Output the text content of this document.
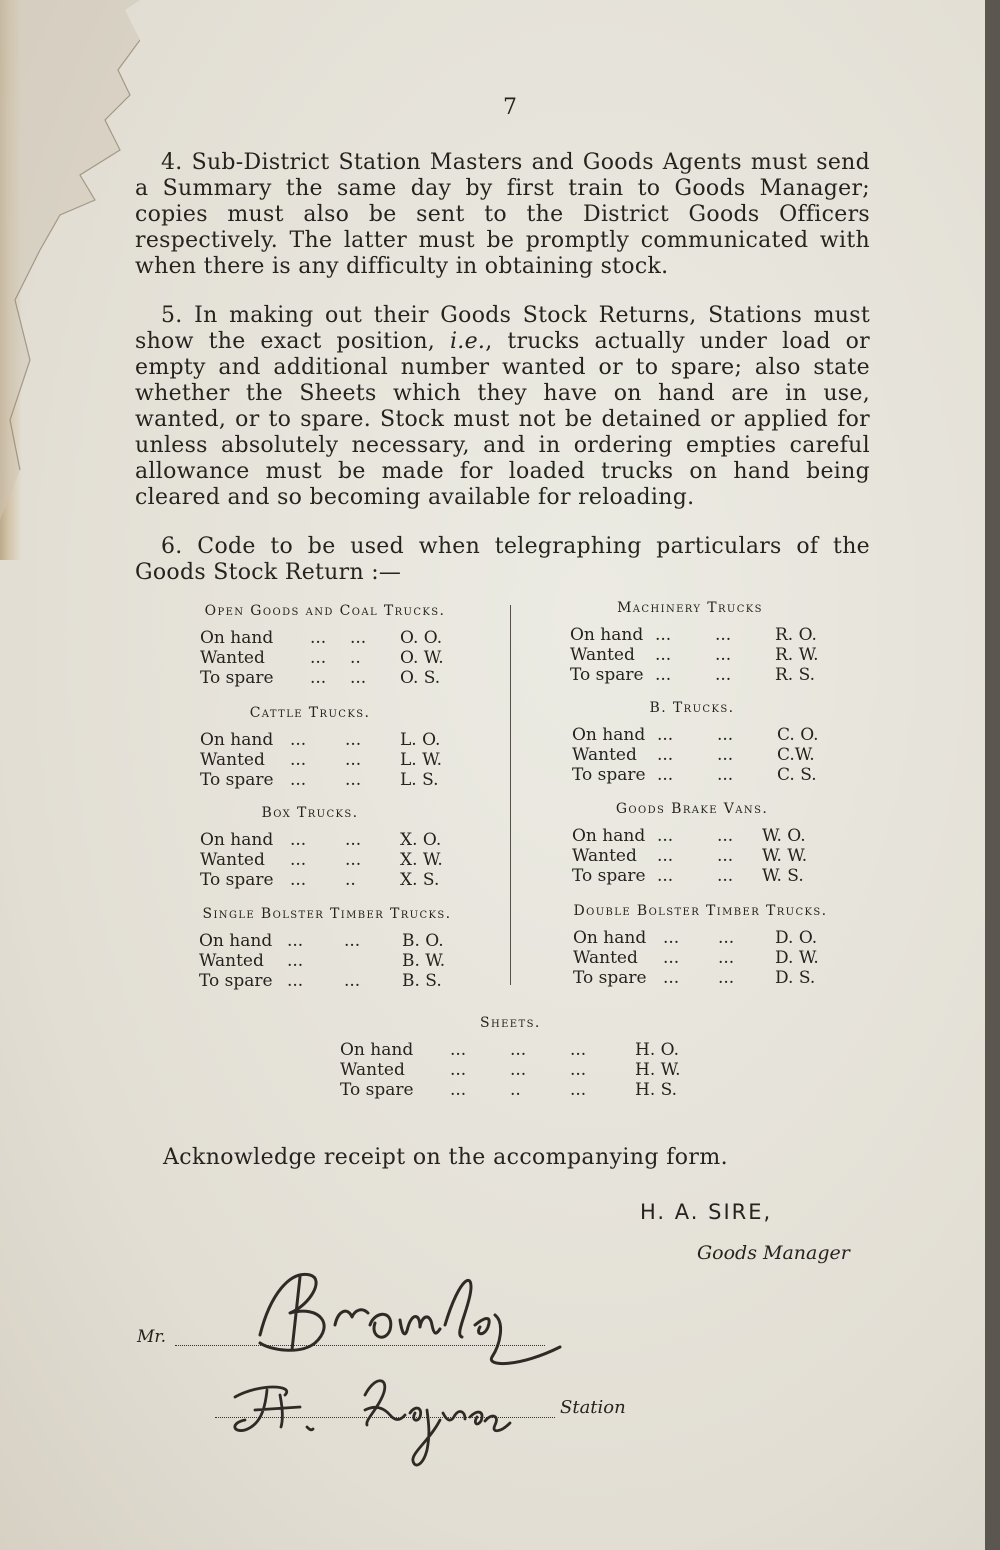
7
4. Sub-District Station Masters and Goods Agents must send a Summary the same day by first train to Goods Manager; copies must also be sent to the District Goods Officers respectively. The latter must be promptly communicated with when there is any difficulty in obtaining stock.
5. In making out their Goods Stock Returns, Stations must show the exact position, i.e., trucks actually under load or empty and additional number wanted or to spare; also state whether the Sheets which they have on hand are in use, wanted, or to spare. Stock must not be detained or applied for unless absolutely necessary, and in ordering empties careful allowance must be made for loaded trucks on hand being cleared and so becoming available for reloading.
6. Code to be used when telegraphing particulars of the Goods Stock Return :—
Open Goods and Coal Trucks.
On hand ... ... O. O.
Wanted	... .. O. W.
To spare ... ... O. S.
Cattle Trucks.
On hand ... ... L. O.
Wanted ... ... L. W.
To spare ... ... L. S.
Box Trucks.
On hand ... ... X. O.
Wanted ... ... X. W.
To spare ... ..	X. S.
Single Bolster Timber Trucks.
On hand ... ... B. O.
Wanted ...	B. W.
To spare ... ... B. S.
Machinery Trucks
On hand ...	...	R. O.
Wanted ...	...	R. W.
To spare ...	...	R. S.
B. Trucks.
On hand ...	...	C. O.
Wanted ...	...	C.W.
To spare ...	...	C. S.
Goods Brake Vans.
On hand ...	... W. O.
Wanted ...	... W. W.
To spare ...	... W. S.
Double Bolster Timber Trucks.
On hand ... ... D. O.
Wanted ... ... D. W.
To spare ... ... D. S.
Sheets.
On hand ...	...	...	H. O.
Wanted	...	...	...	H. W.
To spare ...	..	...	H. S.
Acknowledge receipt on the accompanying form.
H. A. SIRE,
Goods Manager
Mr.
Station
